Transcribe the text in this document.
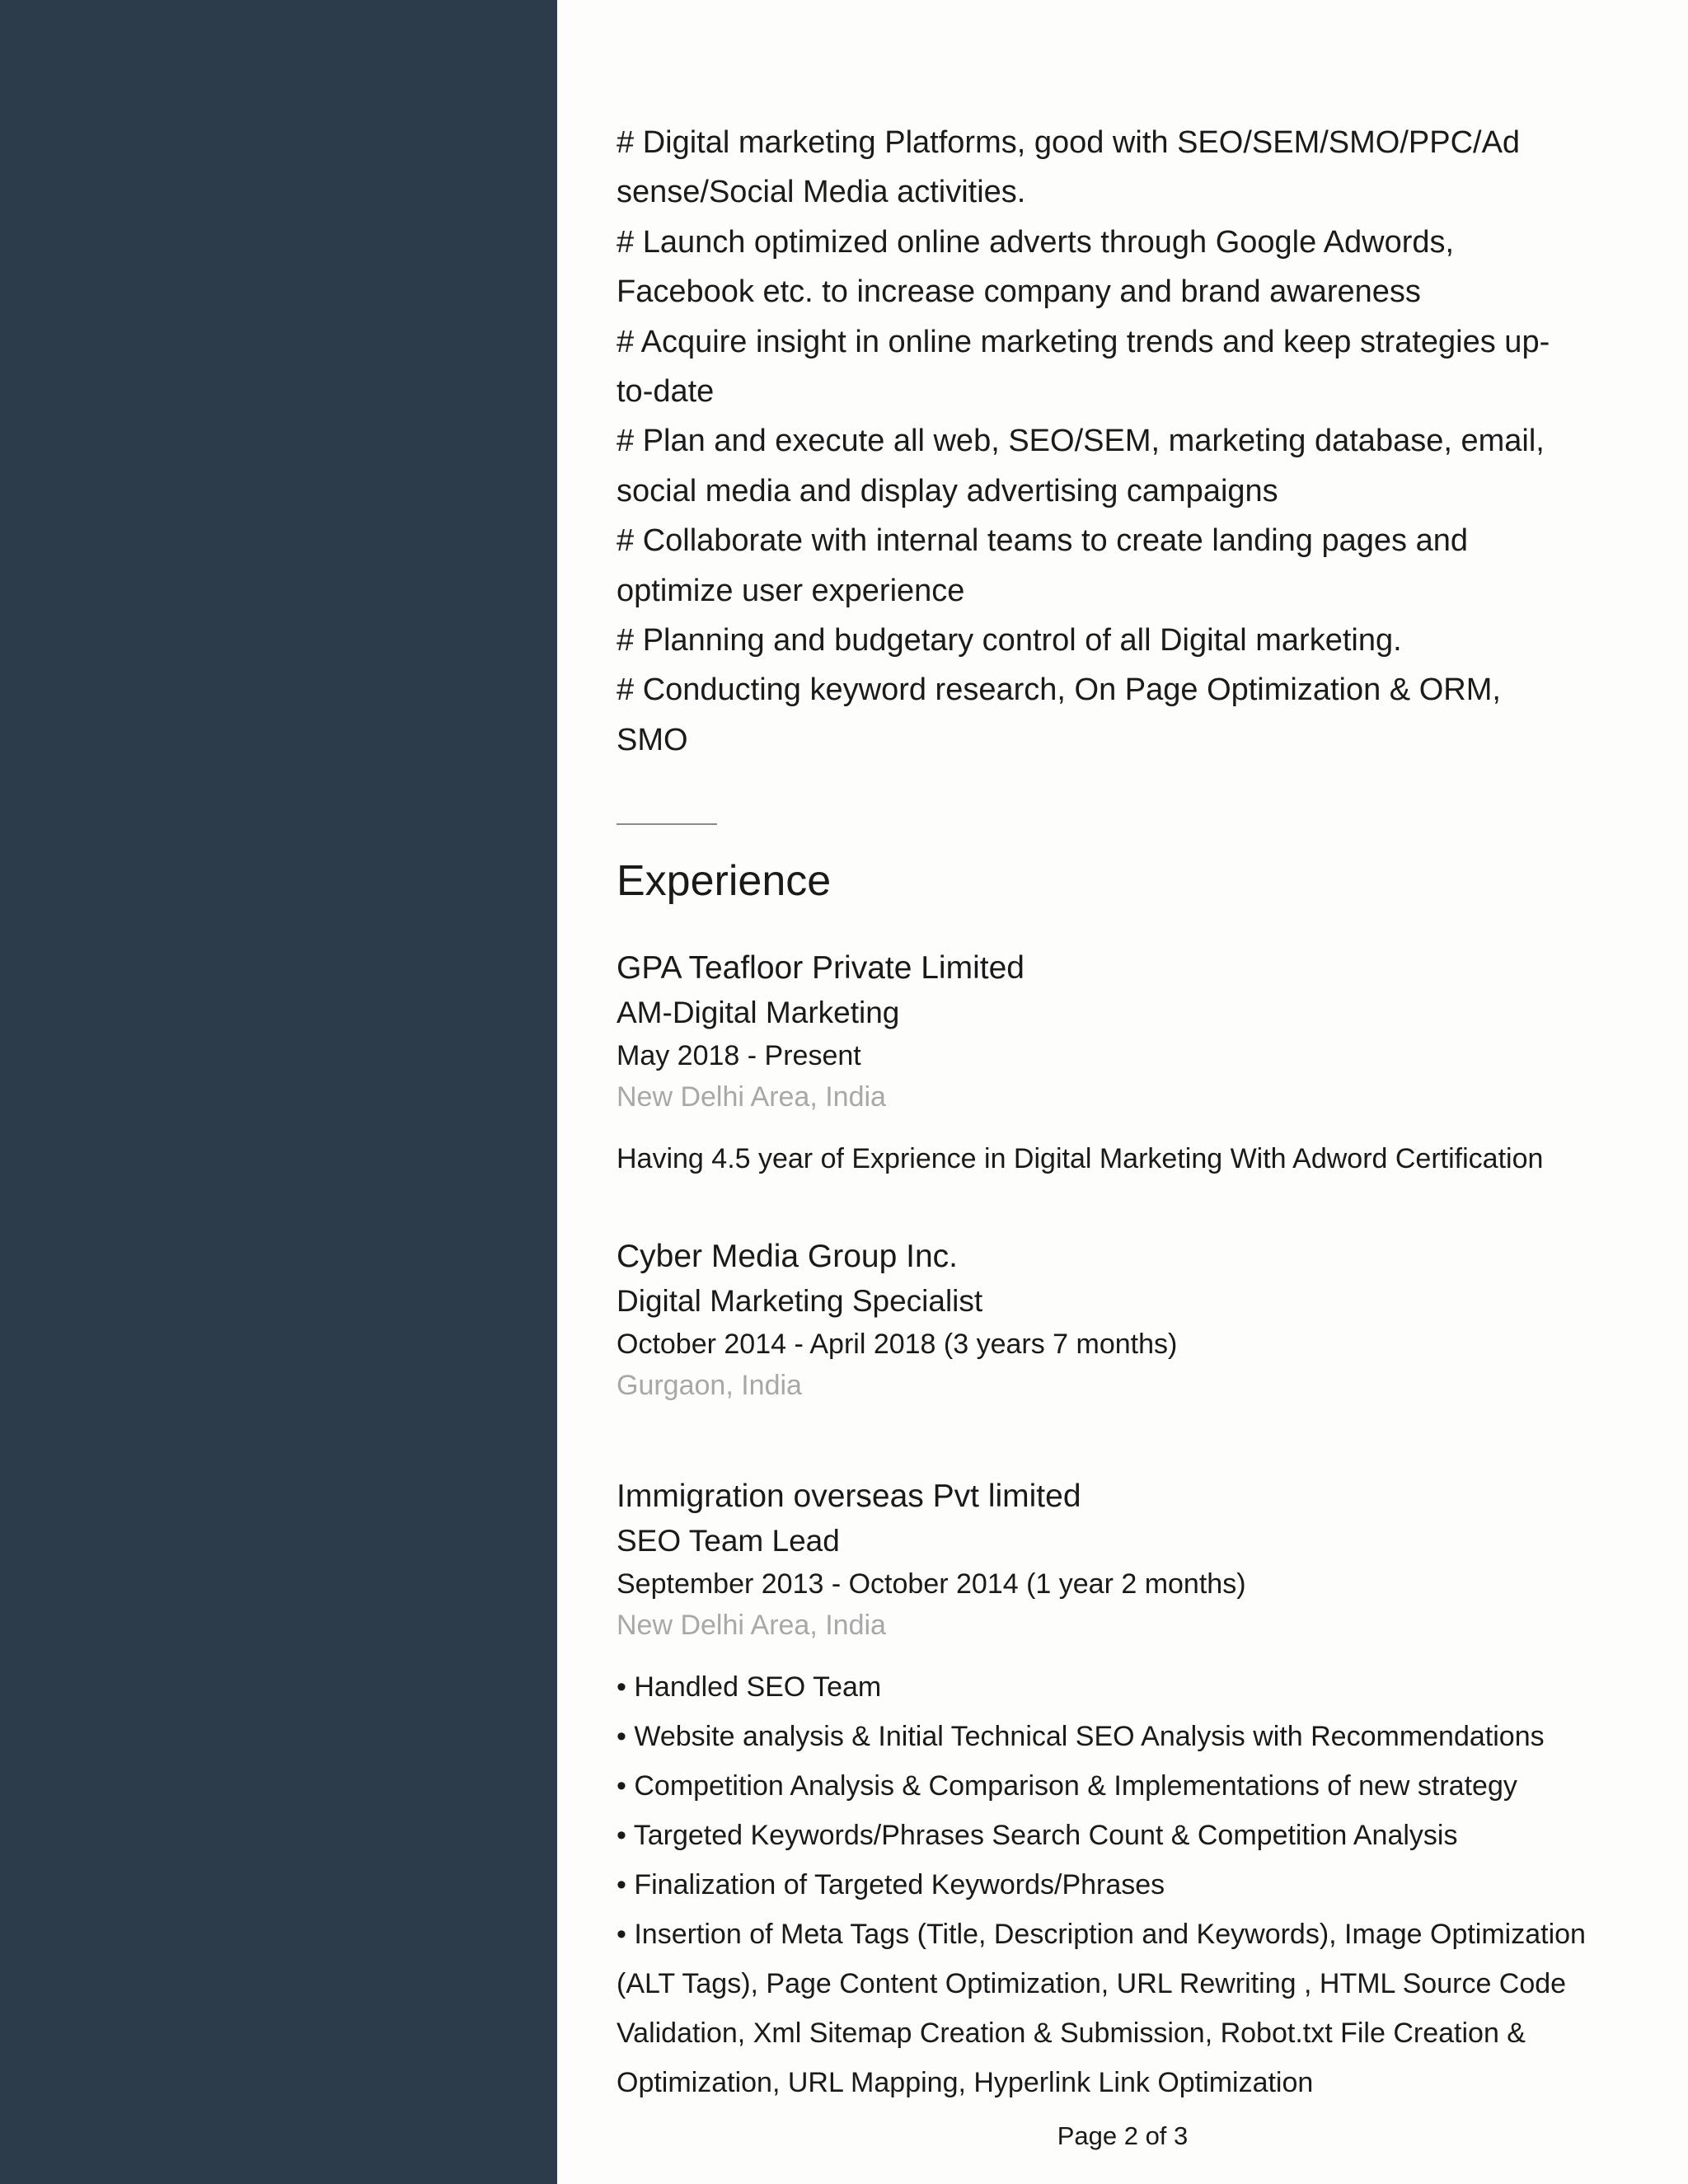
# Digital marketing Platforms, good with SEO/SEM/SMO/PPC/Ad

sense/Social Media activities.

# Launch optimized online adverts through Google Adwords,

Facebook etc. to increase company and brand awareness

# Acquire insight in online marketing trends and keep strategies up-

to-date

# Plan and execute all web, SEO/SEM, marketing database, email,

social media and display advertising campaigns

# Collaborate with internal teams to create landing pages and

optimize user experience

# Planning and budgetary control of all Digital marketing.

# Conducting keyword research, On Page Optimization & ORM,

SMO

Experience
GPA Teafloor Private Limited
AM-Digital Marketing
May 2018 - Present
New Delhi Area, India
Having 4.5 year of Exprience in Digital Marketing With Adword Certification
Cyber Media Group Inc.
Digital Marketing Specialist
October 2014 - April 2018 (3 years 7 months)
Gurgaon, India
Immigration overseas Pvt limited
SEO Team Lead
September 2013 - October 2014 (1 year 2 months)
New Delhi Area, India
• Handled SEO Team
• Website analysis & Initial Technical SEO Analysis with Recommendations
• Competition Analysis & Comparison & Implementations of new strategy
• Targeted Keywords/Phrases Search Count & Competition Analysis
• Finalization of Targeted Keywords/Phrases
• Insertion of Meta Tags (Title, Description and Keywords), Image Optimization
(ALT Tags), Page Content Optimization, URL Rewriting , HTML Source Code
Validation, Xml Sitemap Creation & Submission, Robot.txt File Creation &
Optimization, URL Mapping, Hyperlink Link Optimization
Page 2 of 3
